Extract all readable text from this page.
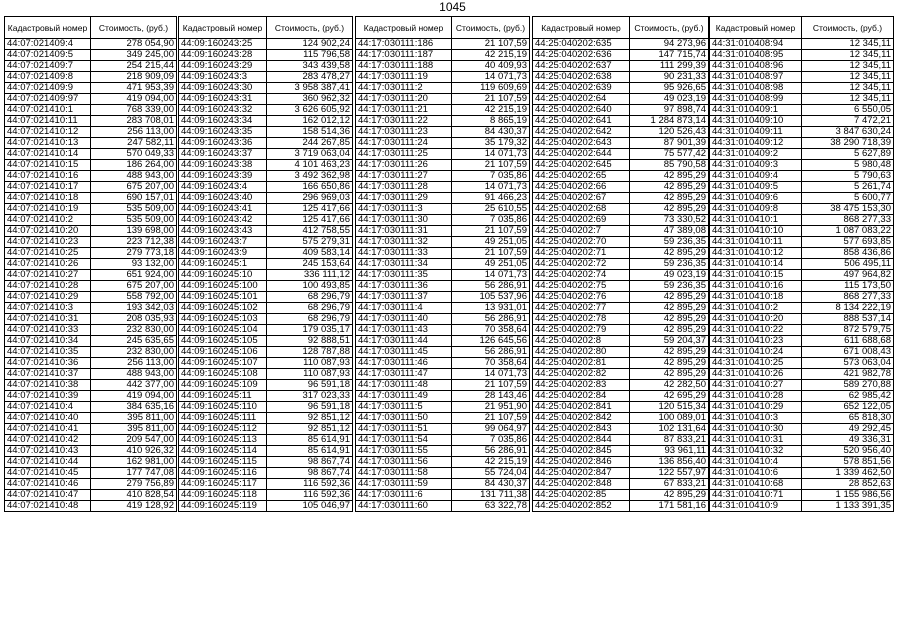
1045
Кадастровый номер	Стоимость, (руб.)
44:07:021409:4	278 054,90
44:07:021409:5	349 245,00
44:07:021409:7	254 215,44
44:07:021409:8	218 909,09
44:07:021409:9	471 953,39
44:07:021409:97	419 094,00
44:07:021410:1	768 339,00
44:07:021410:11	283 708,01
44:07:021410:12	256 113,00
44:07:021410:13	247 582,11
44:07:021410:14	570 049,33
44:07:021410:15	186 264,00
44:07:021410:16	488 943,00
44:07:021410:17	675 207,00
44:07:021410:18	690 157,01
44:07:021410:19	535 509,00
44:07:021410:2	535 509,00
44:07:021410:20	139 698,00
44:07:021410:23	223 712,38
44:07:021410:25	279 773,18
44:07:021410:26	93 132,00
44:07:021410:27	651 924,00
44:07:021410:28	675 207,00
44:07:021410:29	558 792,00
44:07:021410:3	193 342,03
44:07:021410:31	208 035,93
44:07:021410:33	232 830,00
44:07:021410:34	245 635,65
44:07:021410:35	232 830,00
44:07:021410:36	256 113,00
44:07:021410:37	488 943,00
44:07:021410:38	442 377,00
44:07:021410:39	419 094,00
44:07:021410:4	384 635,16
44:07:021410:40	395 811,00
44:07:021410:41	395 811,00
44:07:021410:42	209 547,00
44:07:021410:43	410 926,32
44:07:021410:44	162 981,00
44:07:021410:45	177 747,08
44:07:021410:46	279 756,89
44:07:021410:47	410 828,54
44:07:021410:48	419 128,92
Кадастровый номер	Стоимость, (руб.)
44:09:160243:25	124 902,24
44:09:160243:28	115 796,58
44:09:160243:29	343 439,58
44:09:160243:3	283 478,27
44:09:160243:30	3 958 387,41
44:09:160243:31	360 962,32
44:09:160243:32	3 626 605,92
44:09:160243:34	162 012,12
44:09:160243:35	158 514,36
44:09:160243:36	244 267,85
44:09:160243:37	3 719 063,04
44:09:160243:38	4 101 463,23
44:09:160243:39	3 492 362,98
44:09:160243:4	166 650,86
44:09:160243:40	296 969,03
44:09:160243:41	125 417,66
44:09:160243:42	125 417,66
44:09:160243:43	412 758,55
44:09:160243:7	575 279,31
44:09:160243:9	409 583,14
44:09:160245:1	245 153,64
44:09:160245:10	336 111,12
44:09:160245:100	100 493,85
44:09:160245:101	68 296,79
44:09:160245:102	68 296,79
44:09:160245:103	68 296,79
44:09:160245:104	179 035,17
44:09:160245:105	92 888,51
44:09:160245:106	128 787,88
44:09:160245:107	110 087,93
44:09:160245:108	110 087,93
44:09:160245:109	96 591,18
44:09:160245:11	317 023,33
44:09:160245:110	96 591,18
44:09:160245:111	92 851,12
44:09:160245:112	92 851,12
44:09:160245:113	85 614,91
44:09:160245:114	85 614,91
44:09:160245:115	98 867,74
44:09:160245:116	98 867,74
44:09:160245:117	116 592,36
44:09:160245:118	116 592,36
44:09:160245:119	105 046,97
Кадастровый номер	Стоимость, (руб.)
44:17:030111:186	21 107,59
44:17:030111:187	42 215,19
44:17:030111:188	40 409,93
44:17:030111:19	14 071,73
44:17:030111:2	119 609,69
44:17:030111:20	21 107,59
44:17:030111:21	42 215,19
44:17:030111:22	8 865,19
44:17:030111:23	84 430,37
44:17:030111:24	35 179,32
44:17:030111:25	14 071,73
44:17:030111:26	21 107,59
44:17:030111:27	7 035,86
44:17:030111:28	14 071,73
44:17:030111:29	91 466,23
44:17:030111:3	25 610,55
44:17:030111:30	7 035,86
44:17:030111:31	21 107,59
44:17:030111:32	49 251,05
44:17:030111:33	21 107,59
44:17:030111:34	49 251,05
44:17:030111:35	14 071,73
44:17:030111:36	56 286,91
44:17:030111:37	105 537,96
44:17:030111:4	13 931,01
44:17:030111:40	56 286,91
44:17:030111:43	70 358,64
44:17:030111:44	126 645,56
44:17:030111:45	56 286,91
44:17:030111:46	70 358,64
44:17:030111:47	14 071,73
44:17:030111:48	21 107,59
44:17:030111:49	28 143,46
44:17:030111:5	21 951,90
44:17:030111:50	21 107,59
44:17:030111:51	99 064,97
44:17:030111:54	7 035,86
44:17:030111:55	56 286,91
44:17:030111:56	42 215,19
44:17:030111:58	55 724,04
44:17:030111:59	84 430,37
44:17:030111:6	131 711,38
44:17:030111:60	63 322,78
Кадастровый номер	Стоимость, (руб.)
44:25:040202:635	94 273,96
44:25:040202:636	147 715,74
44:25:040202:637	111 299,39
44:25:040202:638	90 231,33
44:25:040202:639	95 926,65
44:25:040202:64	49 023,19
44:25:040202:640	97 898,74
44:25:040202:641	1 284 873,14
44:25:040202:642	120 526,43
44:25:040202:643	87 901,39
44:25:040202:644	75 577,42
44:25:040202:645	85 790,58
44:25:040202:65	42 895,29
44:25:040202:66	42 895,29
44:25:040202:67	42 895,29
44:25:040202:68	42 895,29
44:25:040202:69	73 330,52
44:25:040202:7	47 389,08
44:25:040202:70	59 236,35
44:25:040202:71	42 895,29
44:25:040202:72	59 236,35
44:25:040202:74	49 023,19
44:25:040202:75	59 236,35
44:25:040202:76	42 895,29
44:25:040202:77	42 895,29
44:25:040202:78	42 895,29
44:25:040202:79	42 895,29
44:25:040202:8	59 204,37
44:25:040202:80	42 895,29
44:25:040202:81	42 895,29
44:25:040202:82	42 895,29
44:25:040202:83	42 282,50
44:25:040202:84	42 695,29
44:25:040202:841	120 515,34
44:25:040202:842	100 089,01
44:25:040202:843	102 131,64
44:25:040202:844	87 833,21
44:25:040202:845	93 961,11
44:25:040202:846	136 856,40
44:25:040202:847	122 557,97
44:25:040202:848	67 833,21
44:25:040202:85	42 895,29
44:25:040202:852	171 581,16
Кадастровый номер	Стоимость, (руб.)
44:31:010408:94	12 345,11
44:31:010408:95	12 345,11
44:31:010408:96	12 345,11
44:31:010408:97	12 345,11
44:31:010408:98	12 345,11
44:31:010408:99	12 345,11
44:31:010409:1	6 550,05
44:31:010409:10	7 472,21
44:31:010409:11	3 847 630,24
44:31:010409:12	38 290 718,39
44:31:010409:2	5 627,89
44:31:010409:3	5 980,48
44:31:010409:4	5 790,63
44:31:010409:5	5 261,74
44:31:010409:6	5 600,77
44:31:010409:8	38 475 153,30
44:31:010410:1	868 277,33
44:31:010410:10	1 087 083,22
44:31:010410:11	577 693,85
44:31:010410:12	858 436,86
44:31:010410:14	506 495,11
44:31:010410:15	497 964,82
44:31:010410:16	115 173,50
44:31:010410:18	868 277,33
44:31:010410:2	8 134 222,19
44:31:010410:20	888 537,14
44:31:010410:22	872 579,75
44:31:010410:23	611 688,68
44:31:010410:24	671 008,43
44:31:010410:25	573 063,04
44:31:010410:26	421 982,78
44:31:010410:27	589 270,88
44:31:010410:28	62 985,42
44:31:010410:29	652 122,05
44:31:010410:3	65 818,30
44:31:010410:30	49 292,45
44:31:010410:31	49 336,31
44:31:010410:32	520 956,40
44:31:010410:4	578 851,56
44:31:010410:6	1 339 462,50
44:31:010410:68	28 852,63
44:31:010410:71	1 155 986,56
44:31:010410:9	1 133 391,35
